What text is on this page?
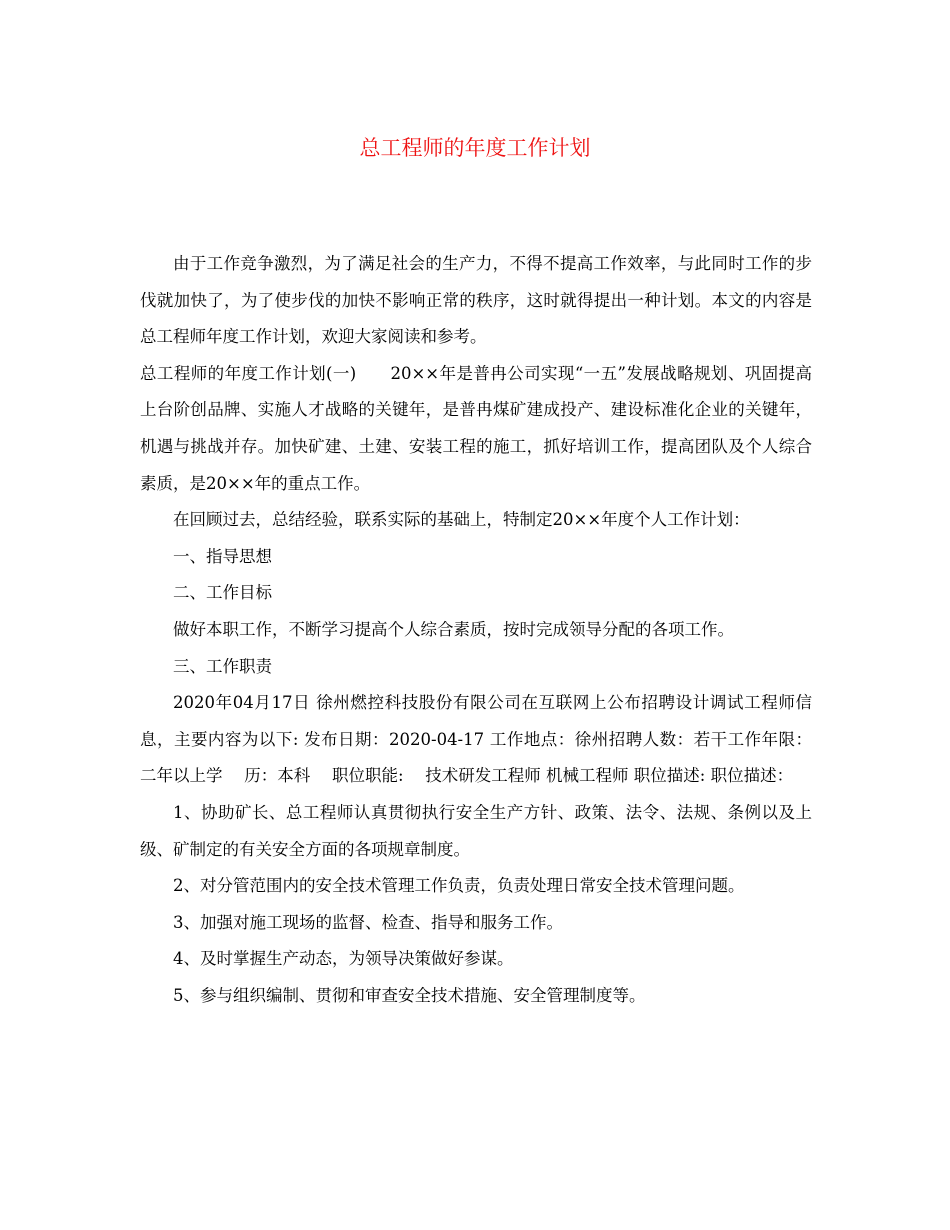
总工程师的年度工作计划

由于工作竞争激烈，为了满足社会的生产力，不得不提高工作效率，与此同时工作的步伐就加快了，为了使步伐的加快不影响正常的秩序，这时就得提出一种计划。本文的内容是总工程师年度工作计划，欢迎大家阅读和参考。

总工程师的年度工作计划(一)　　20××年是普冉公司实现“一五”发展战略规划、巩固提高上台阶创品牌、实施人才战略的关键年，是普冉煤矿建成投产、建设标准化企业的关键年，机遇与挑战并存。加快矿建、土建、安装工程的施工，抓好培训工作，提高团队及个人综合素质，是20××年的重点工作。

在回顾过去，总结经验，联系实际的基础上，特制定20××年度个人工作计划：

一、指导思想

二、工作目标

做好本职工作，不断学习提高个人综合素质，按时完成领导分配的各项工作。

三、工作职责

2020年04月17日 徐州燃控科技股份有限公司在互联网上公布招聘设计调试工程师信息，主要内容为以下: 发布日期：2020-04-17 工作地点：徐州招聘人数：若干工作年限：二年以上学　 历：本科　 职位职能:　 技术研发工程师 机械工程师 职位描述: 职位描述：

1、协助矿长、总工程师认真贯彻执行安全生产方针、政策、法令、法规、条例以及上级、矿制定的有关安全方面的各项规章制度。

2、对分管范围内的安全技术管理工作负责，负责处理日常安全技术管理问题。

3、加强对施工现场的监督、检查、指导和服务工作。

4、及时掌握生产动态，为领导决策做好参谋。

5、参与组织编制、贯彻和审查安全技术措施、安全管理制度等。
